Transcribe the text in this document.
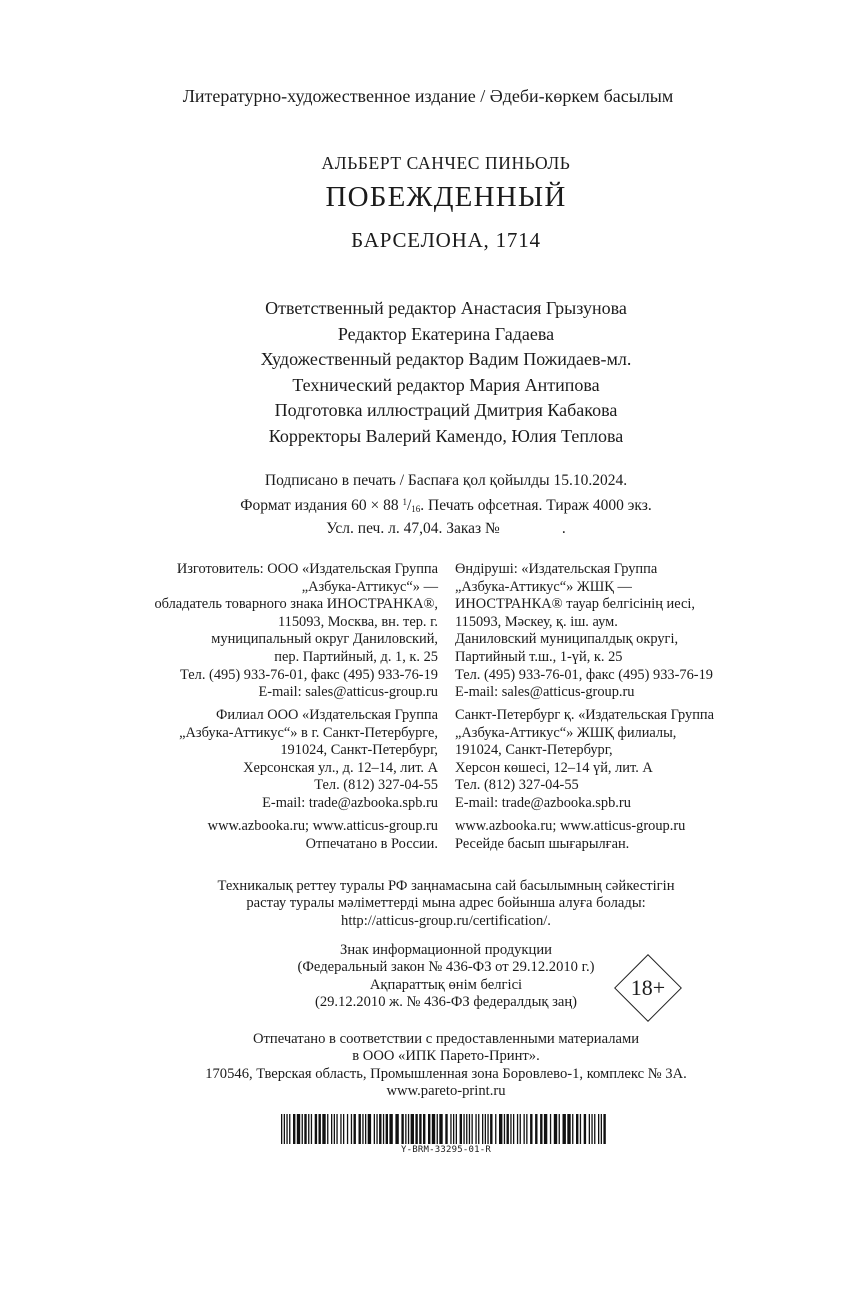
Литературно-художественное издание / Әдеби-көркем басылым
АЛЬБЕРТ САНЧЕС ПИНЬОЛЬ
ПОБЕЖДЕННЫЙ
БАРСЕЛОНА, 1714
Ответственный редактор Анастасия Грызунова
Редактор Екатерина Гадаева
Художественный редактор Вадим Пожидаев-мл.
Технический редактор Мария Антипова
Подготовка иллюстраций Дмитрия Кабакова
Корректоры Валерий Камендо, Юлия Теплова
Подписано в печать / Баспаға қол қойылды 15.10.2024.
Формат издания 60 × 88 $^1/_{16}$. Печать офсетная. Тираж 4000 экз.
Усл. печ. л. 47,04. Заказ №                .
Изготовитель: ООО «Издательская Группа
„Азбука-Аттикус“» —
обладатель товарного знака ИНОСТРАНКА®,
115093, Москва, вн. тер. г.
муниципальный округ Даниловский,
пер. Партийный, д. 1, к. 25
Тел. (495) 933-76-01, факс (495) 933-76-19
E-mail: sales@atticus-group.ru
Өндіруші: «Издательская Группа
„Азбука-Аттикус“» ЖШҚ —
ИНОСТРАНКА® тауар белгісінің иесі,
115093, Мәскеу, қ. іш. аум.
Даниловский муниципалдық округі,
Партийный т.ш., 1-үй, к. 25
Тел. (495) 933-76-01, факс (495) 933-76-19
E-mail: sales@atticus-group.ru
Филиал ООО «Издательская Группа
„Азбука-Аттикус“» в г. Санкт-Петербурге,
191024, Санкт-Петербург,
Херсонская ул., д. 12–14, лит. А
Тел. (812) 327-04-55
E-mail: trade@azbooka.spb.ru
Санкт-Петербург қ. «Издательская Группа
„Азбука-Аттикус“» ЖШҚ филиалы,
191024, Санкт-Петербург,
Херсон көшесі, 12–14 үй, лит. А
Тел. (812) 327-04-55
E-mail: trade@azbooka.spb.ru
www.azbooka.ru; www.atticus-group.ru
Отпечатано в России.
www.azbooka.ru; www.atticus-group.ru
Ресейде басып шығарылған.
Техникалық реттеу туралы РФ заңнамасына сай басылымның сәйкестігін
растау туралы мәліметтерді мына адрес бойынша алуға болады:
http://atticus-group.ru/certification/.
Знак информационной продукции
(Федеральный закон № 436-ФЗ от 29.12.2010 г.)
Ақпараттық өнім белгісі
(29.12.2010 ж. № 436-ФЗ федералдық заң)
18+
Отпечатано в соответствии с предоставленными материалами
в ООО «ИПК Парето-Принт».
170546, Тверская область, Промышленная зона Боровлево-1, комплекс № 3А.
www.pareto-print.ru
Y-BRM-33295-01-R
